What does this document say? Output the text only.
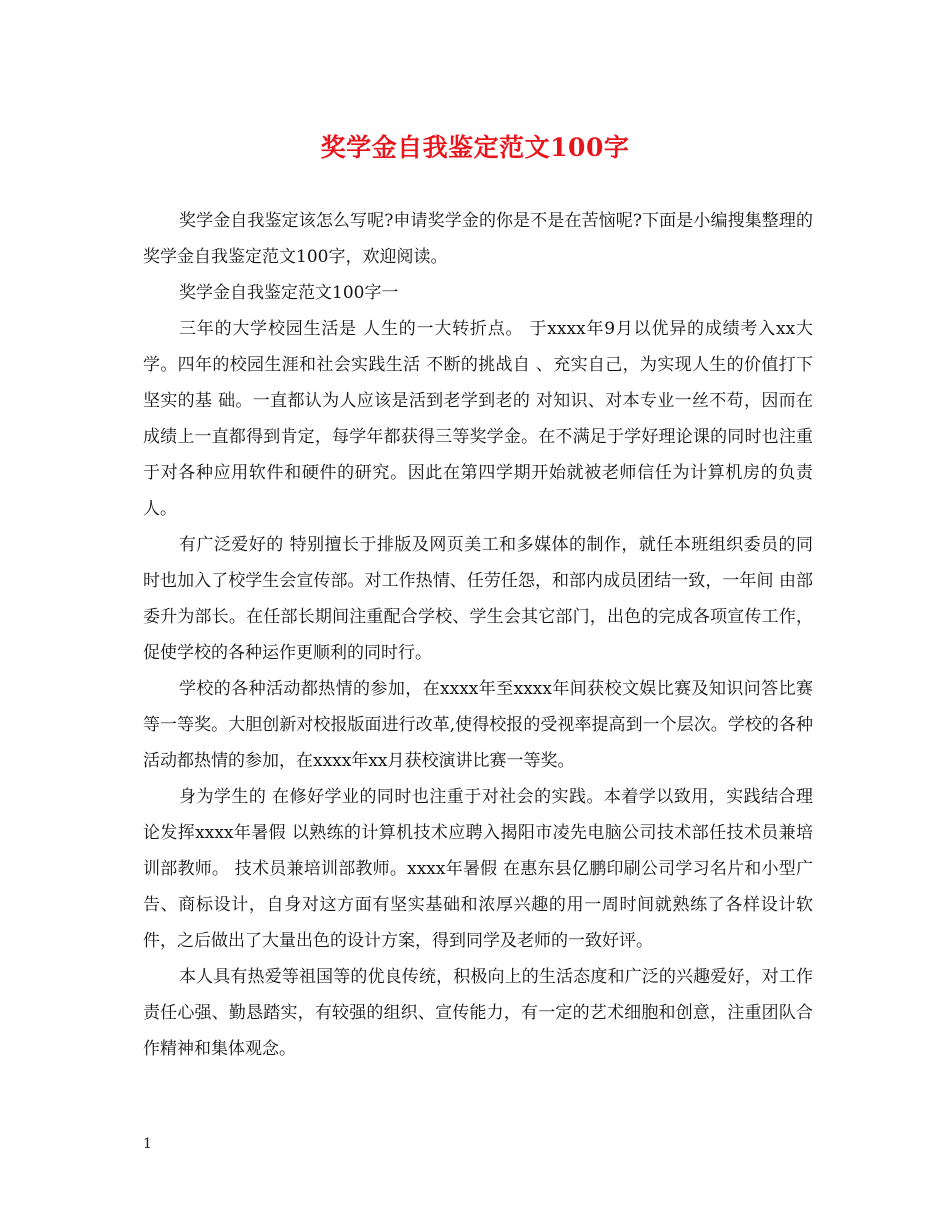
奖学金自我鉴定范文100字

奖学金自我鉴定该怎么写呢?申请奖学金的你是不是在苦恼呢?下面是小编搜集整理的奖学金自我鉴定范文100字，欢迎阅读。

奖学金自我鉴定范文100字一

三年的大学校园生活是 人生的一大转折点。 于xxxx年9月以优异的成绩考入xx大学。四年的校园生涯和社会实践生活 不断的挑战自 、充实自己，为实现人生的价值打下坚实的基 础。一直都认为人应该是活到老学到老的 对知识、对本专业一丝不苟，因而在成绩上一直都得到肯定，每学年都获得三等奖学金。在不满足于学好理论课的同时也注重于对各种应用软件和硬件的研究。因此在第四学期开始就被老师信任为计算机房的负责人。

有广泛爱好的 特别擅长于排版及网页美工和多媒体的制作，就任本班组织委员的同时也加入了校学生会宣传部。对工作热情、任劳任怨，和部内成员团结一致，一年间 由部委升为部长。在任部长期间注重配合学校、学生会其它部门，出色的完成各项宣传工作，促使学校的各种运作更顺利的同时行。

学校的各种活动都热情的参加，在xxxx年至xxxx年间获校文娱比赛及知识问答比赛等一等奖。大胆创新对校报版面进行改革,使得校报的受视率提高到一个层次。学校的各种活动都热情的参加，在xxxx年xx月获校演讲比赛一等奖。

身为学生的 在修好学业的同时也注重于对社会的实践。本着学以致用，实践结合理论发挥xxxx年暑假 以熟练的计算机技术应聘入揭阳市凌先电脑公司技术部任技术员兼培训部教师。 技术员兼培训部教师。xxxx年暑假 在惠东县亿鹏印刷公司学习名片和小型广告、商标设计，自身对这方面有坚实基础和浓厚兴趣的用一周时间就熟练了各样设计软件，之后做出了大量出色的设计方案，得到同学及老师的一致好评。

本人具有热爱等祖国等的优良传统，积极向上的生活态度和广泛的兴趣爱好，对工作责任心强、勤恳踏实，有较强的组织、宣传能力，有一定的艺术细胞和创意，注重团队合作精神和集体观念。

1
